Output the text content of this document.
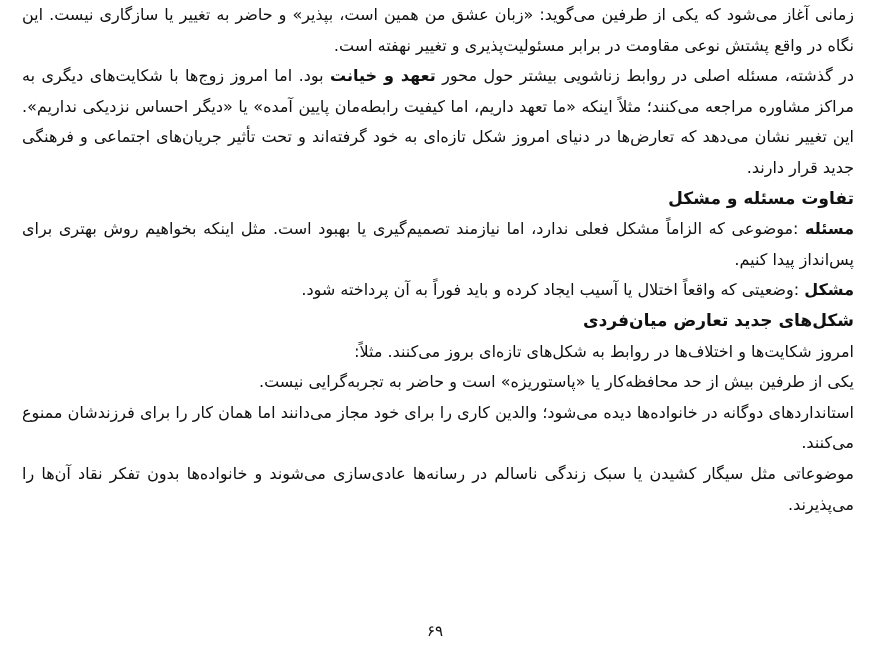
زمانی آغاز می‌شود که یکی از طرفین می‌گوید: «زبان عشق من همین است، بپذیر» و حاضر به تغییر یا سازگاری نیست. این نگاه در واقع پشتش نوعی مقاومت در برابر مسئولیت‌پذیری و تغییر نهفته است.

در گذشته، مسئله اصلی در روابط زناشویی بیشتر حول محور تعهد و خیانت بود. اما امروز زوج‌ها با شکایت‌های دیگری به مراکز مشاوره مراجعه می‌کنند؛ مثلاً اینکه «ما تعهد داریم، اما کیفیت رابطه‌مان پایین آمده» یا «دیگر احساس نزدیکی نداریم». این تغییر نشان می‌دهد که تعارض‌ها در دنیای امروز شکل تازه‌ای به خود گرفته‌اند و تحت تأثیر جریان‌های اجتماعی و فرهنگی جدید قرار دارند.

تفاوت مسئله و مشکل

مسئله :موضوعی که الزاماً مشکل فعلی ندارد، اما نیازمند تصمیم‌گیری یا بهبود است. مثل اینکه بخواهیم روش بهتری برای پس‌انداز پیدا کنیم.

مشکل :وضعیتی که واقعاً اختلال یا آسیب ایجاد کرده و باید فوراً به آن پرداخته شود.

شکل‌های جدید تعارض میان‌فردی

امروز شکایت‌ها و اختلاف‌ها در روابط به شکل‌های تازه‌ای بروز می‌کنند. مثلاً:

یکی از طرفین بیش از حد محافظه‌کار یا «پاستوریزه» است و حاضر به تجربه‌گرایی نیست.

استانداردهای دوگانه در خانواده‌ها دیده می‌شود؛ والدین کاری را برای خود مجاز می‌دانند اما همان کار را برای فرزندشان ممنوع می‌کنند.

موضوعاتی مثل سیگار کشیدن یا سبک زندگی ناسالم در رسانه‌ها عادی‌سازی می‌شوند و خانواده‌ها بدون تفکر نقاد آن‌ها را می‌پذیرند.

۶۹
